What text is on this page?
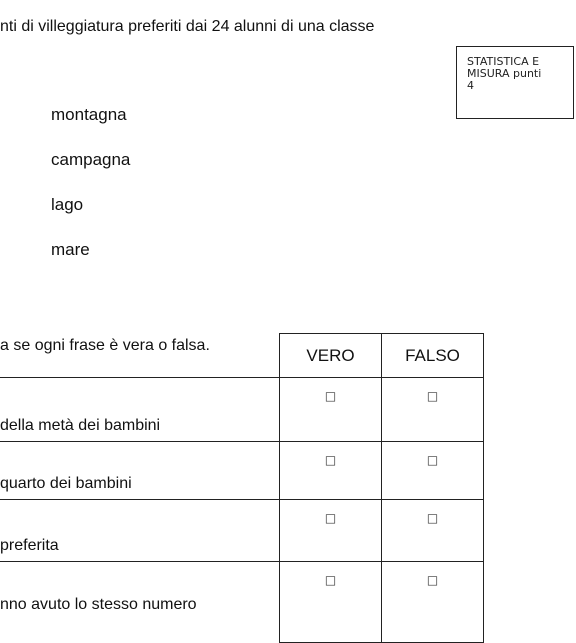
nti di villeggiatura preferiti dai 24 alunni di una classe
STATISTICA E
MISURA punti
4
montagna
campagna
lago
mare
	VERO	FALSO
della metà dei bambini	□	□
quarto dei bambini	□	□
preferita	□	□
nno avuto lo stesso numero	□	□
a se ogni frase è vera o falsa.
